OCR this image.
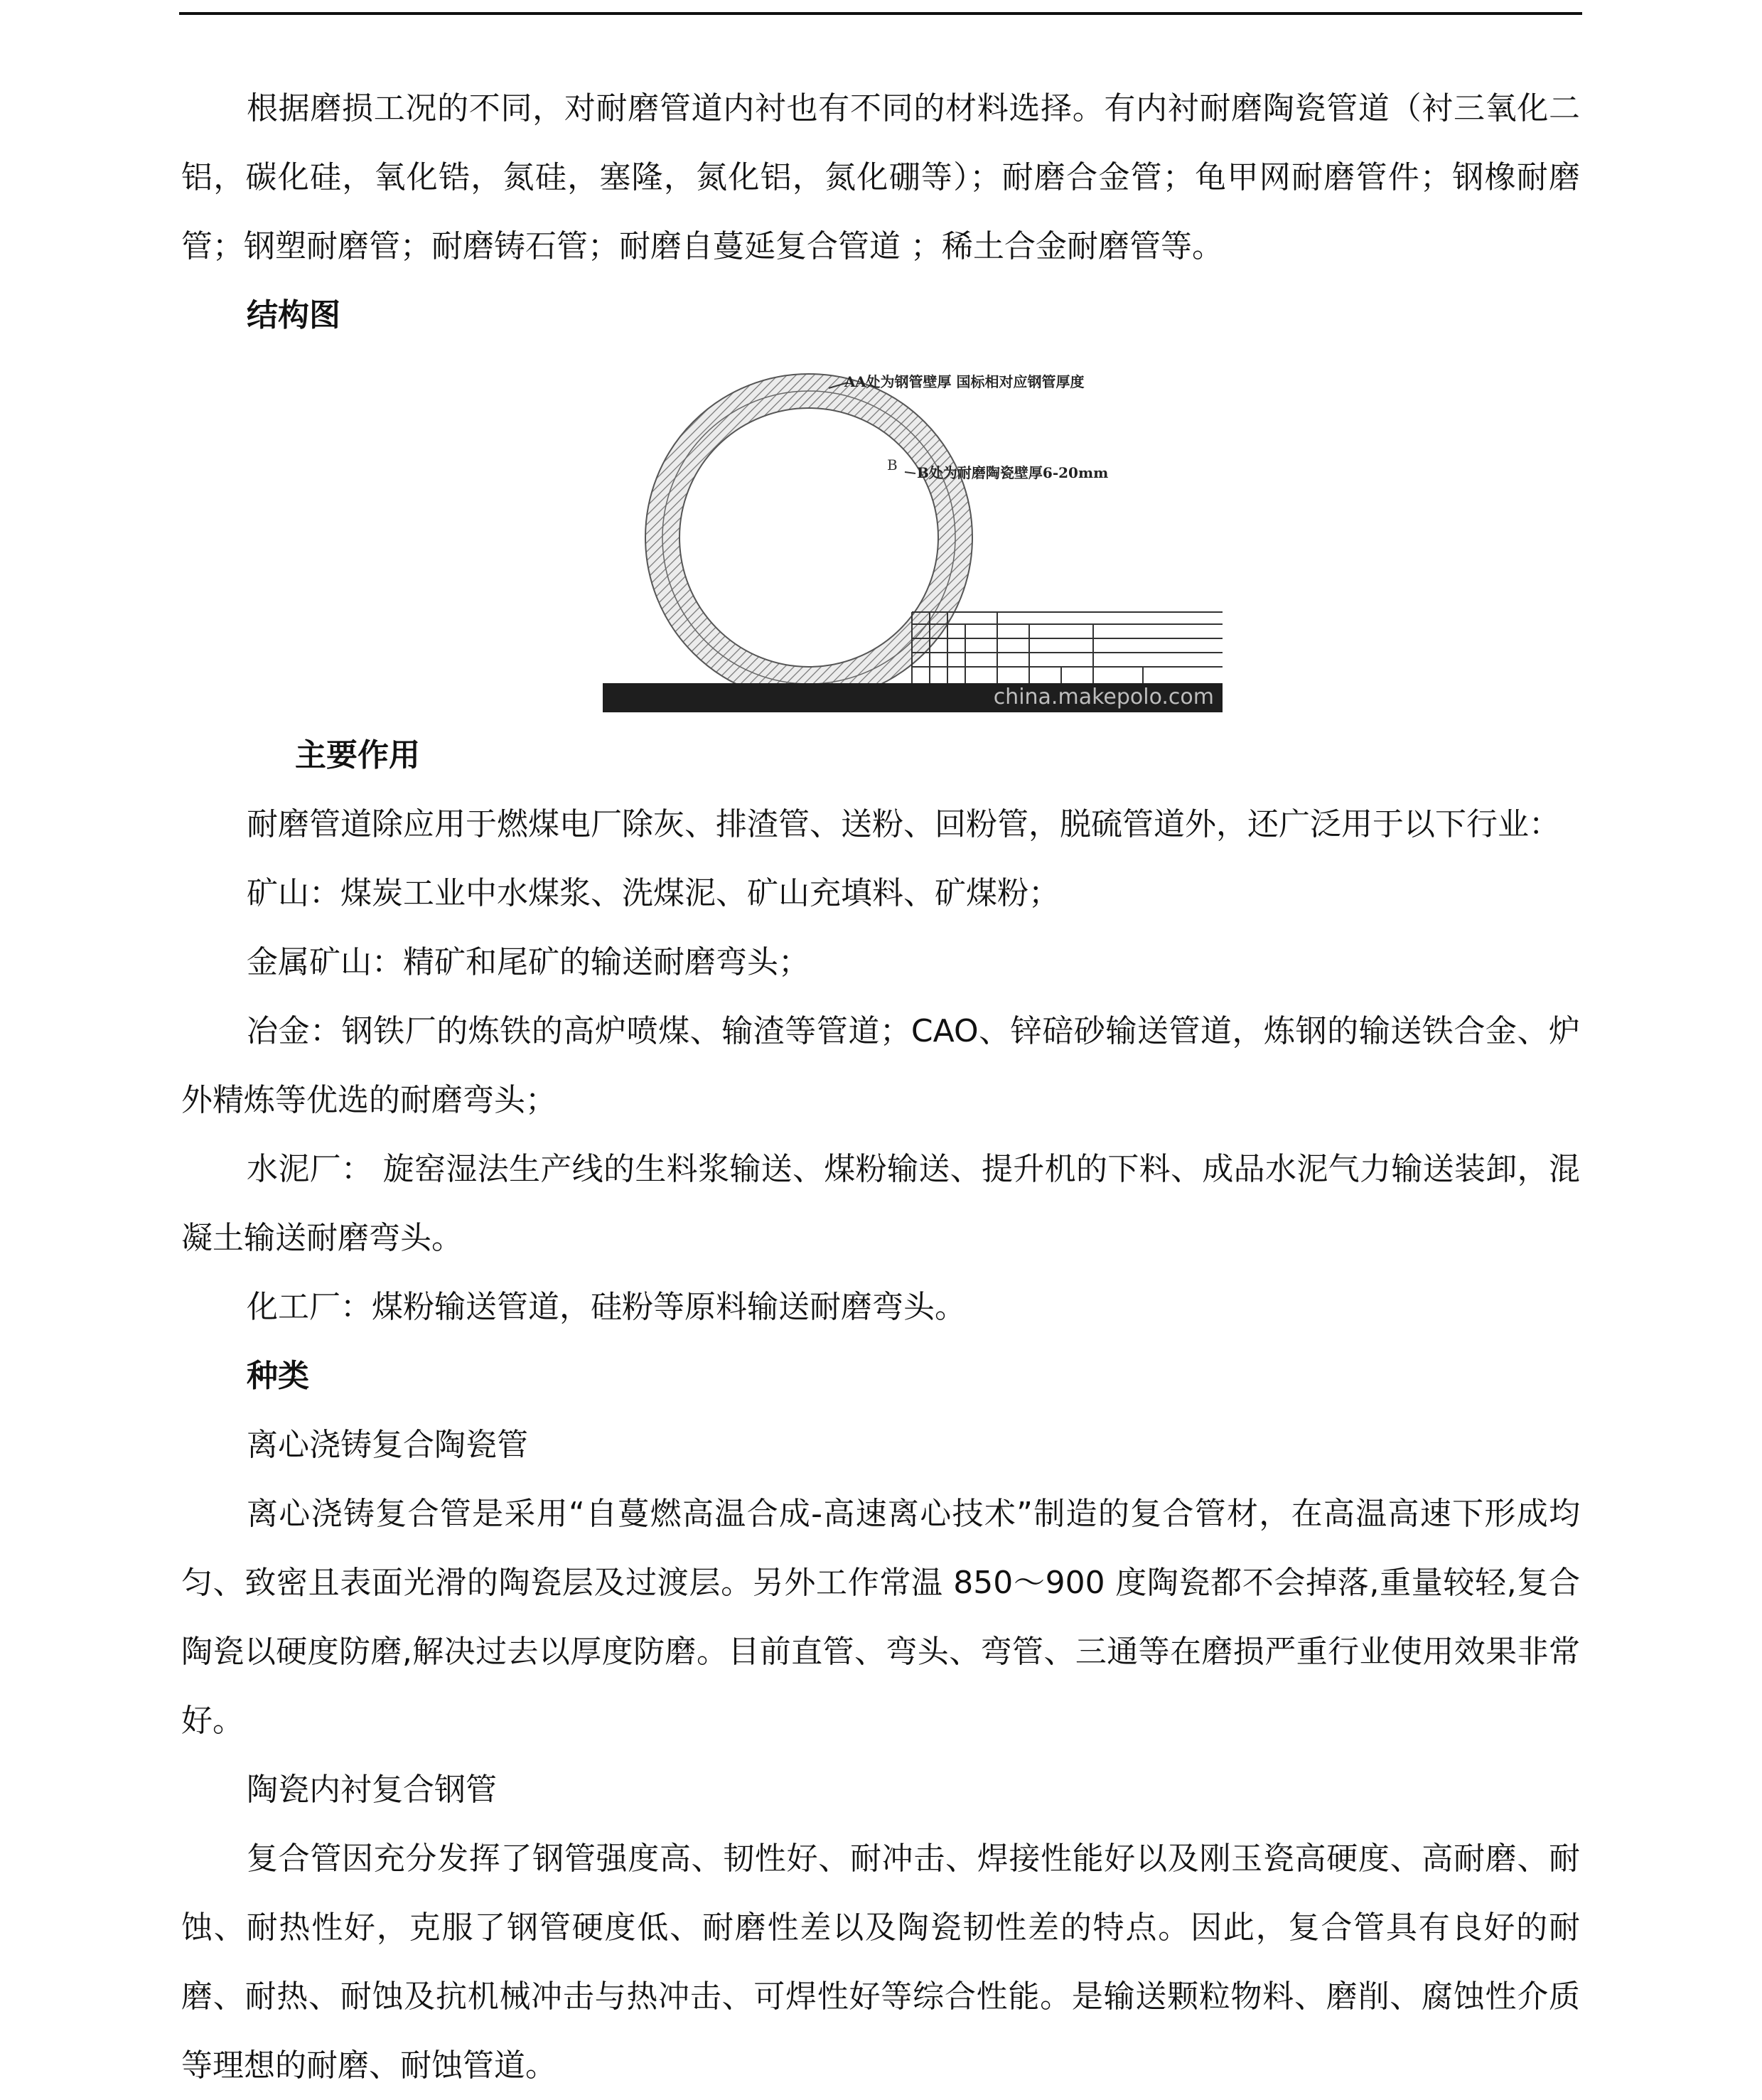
根据磨损工况的不同，对耐磨管道内衬也有不同的材料选择。有内衬耐磨陶瓷管道（衬三氧化二铝，碳化硅，氧化锆，氮硅，塞隆，氮化铝，氮化硼等）；耐磨合金管；龟甲网耐磨管件；钢橡耐磨管；钢塑耐磨管；耐磨铸石管；耐磨自蔓延复合管道 ；稀土合金耐磨管等。

结构图
A A处为钢管壁厚 国标相对应钢管厚度
B B处为耐磨陶瓷壁厚6-20mm
china.makepolo.com
主要作用

耐磨管道除应用于燃煤电厂除灰、排渣管、送粉、回粉管，脱硫管道外，还广泛用于以下行业：

矿山：煤炭工业中水煤浆、洗煤泥、矿山充填料、矿煤粉；

金属矿山：精矿和尾矿的输送耐磨弯头；

冶金：钢铁厂的炼铁的高炉喷煤、输渣等管道；CAO、锌碚砂输送管道，炼钢的输送铁合金、炉外精炼等优选的耐磨弯头；

水泥厂： 旋窑湿法生产线的生料浆输送、煤粉输送、提升机的下料、成品水泥气力输送装卸，混凝土输送耐磨弯头。

化工厂：煤粉输送管道，硅粉等原料输送耐磨弯头。

种类

离心浇铸复合陶瓷管

离心浇铸复合管是采用“自蔓燃高温合成-高速离心技术”制造的复合管材，在高温高速下形成均匀、致密且表面光滑的陶瓷层及过渡层。另外工作常温 850～900 度陶瓷都不会掉落,重量较轻,复合陶瓷以硬度防磨,解决过去以厚度防磨。目前直管、弯头、弯管、三通等在磨损严重行业使用效果非常好。

陶瓷内衬复合钢管

复合管因充分发挥了钢管强度高、韧性好、耐冲击、焊接性能好以及刚玉瓷高硬度、高耐磨、耐蚀、耐热性好，克服了钢管硬度低、耐磨性差以及陶瓷韧性差的特点。因此，复合管具有良好的耐磨、耐热、耐蚀及抗机械冲击与热冲击、可焊性好等综合性能。是输送颗粒物料、磨削、腐蚀性介质等理想的耐磨、耐蚀管道。
